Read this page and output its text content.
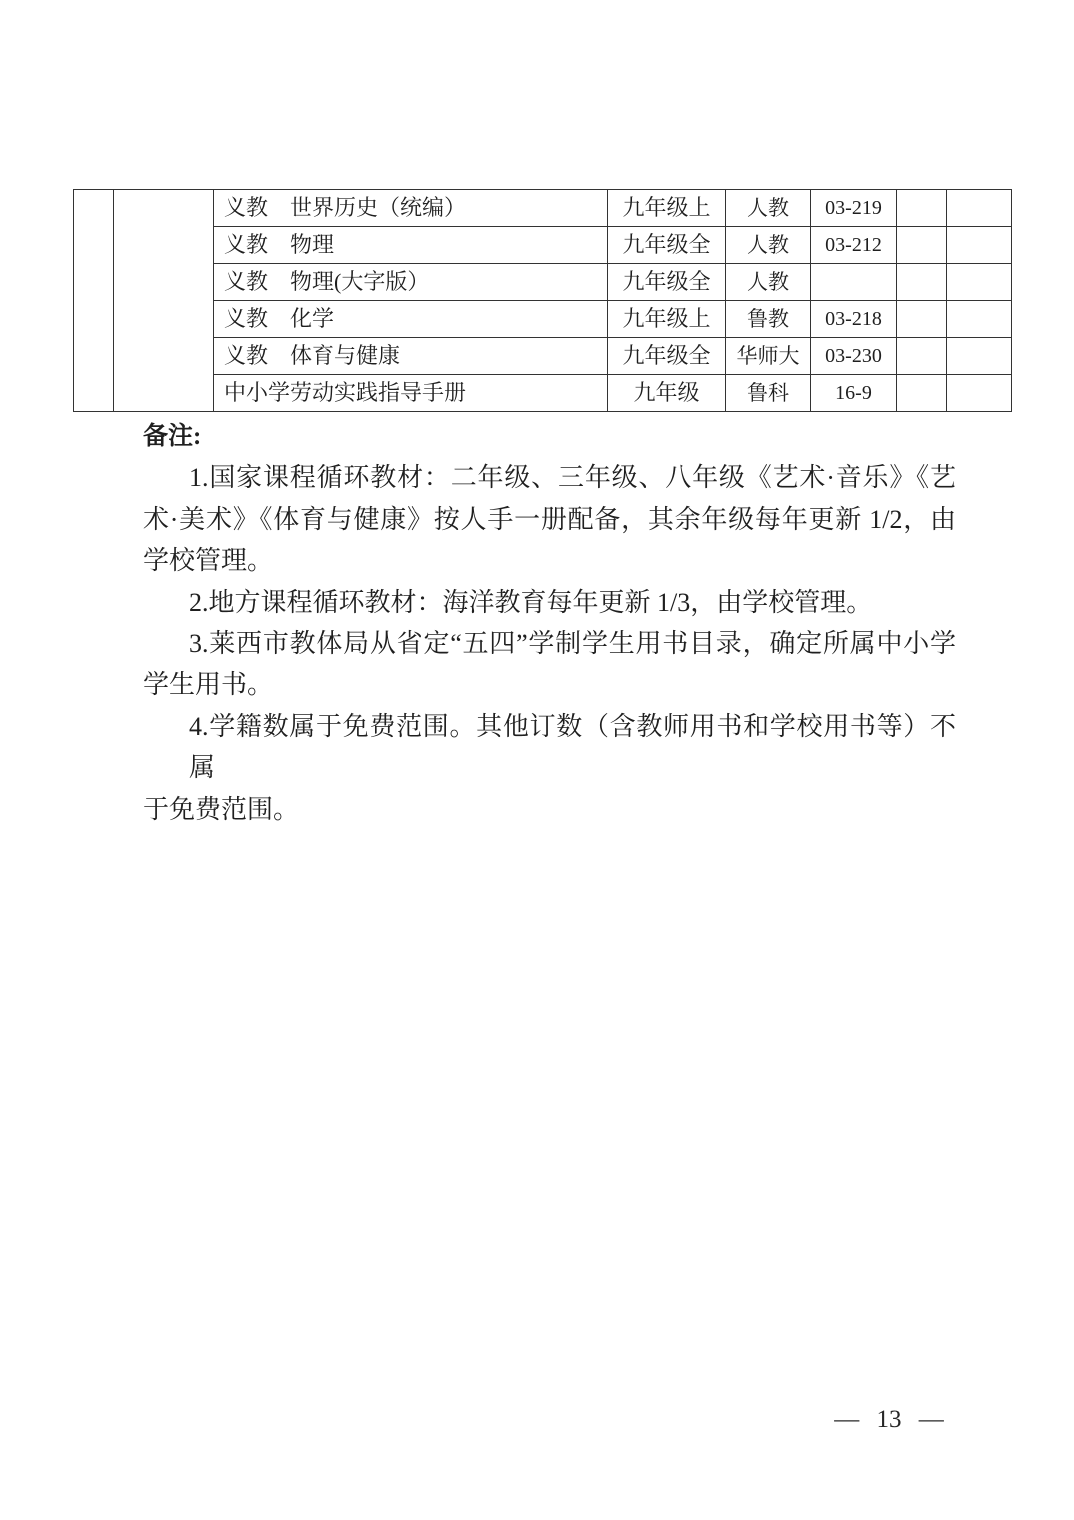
		义教　世界历史（统编）	九年级上	人教	03-219		
		义教　物理	九年级全	人教	03-212		
		义教　物理(大字版）	九年级全	人教			
		义教　化学	九年级上	鲁教	03-218		
		义教　体育与健康	九年级全	华师大	03-230		
		中小学劳动实践指导手册	九年级	鲁科	16-9		
备注:
1.国家课程循环教材：二年级、三年级、八年级《艺术·音乐》《艺
术·美术》《体育与健康》按人手一册配备，其余年级每年更新 1/2，由
学校管理。
2.地方课程循环教材：海洋教育每年更新 1/3，由学校管理。
3.莱西市教体局从省定“五四”学制学生用书目录，确定所属中小学
学生用书。
4.学籍数属于免费范围。其他订数（含教师用书和学校用书等）不属
于免费范围。
— 13 —
